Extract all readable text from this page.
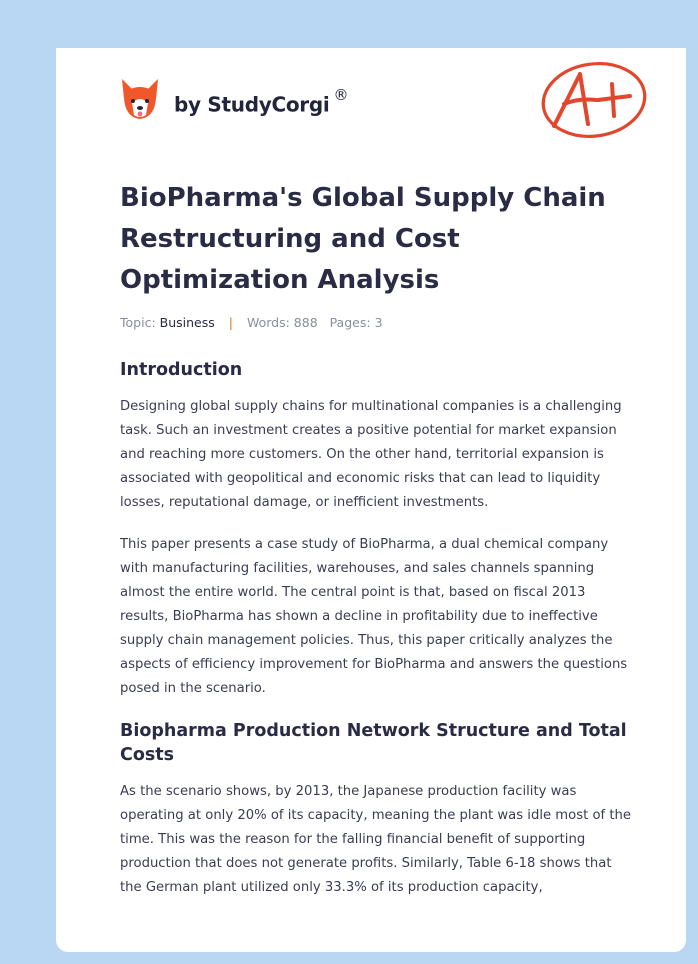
by StudyCorgi ®
BioPharma's Global Supply Chain Restructuring and Cost Optimization Analysis
Topic: Business | Words: 888 Pages: 3
Introduction

Designing global supply chains for multinational companies is a challenging task. Such an investment creates a positive potential for market expansion and reaching more customers. On the other hand, territorial expansion is associated with geopolitical and economic risks that can lead to liquidity losses, reputational damage, or inefficient investments.

This paper presents a case study of BioPharma, a dual chemical company with manufacturing facilities, warehouses, and sales channels spanning almost the entire world. The central point is that, based on fiscal 2013 results, BioPharma has shown a decline in profitability due to ineffective supply chain management policies. Thus, this paper critically analyzes the aspects of efficiency improvement for BioPharma and answers the questions posed in the scenario.

Biopharma Production Network Structure and Total Costs

As the scenario shows, by 2013, the Japanese production facility was operating at only 20% of its capacity, meaning the plant was idle most of the time. This was the reason for the falling financial benefit of supporting production that does not generate profits. Similarly, Table 6-18 shows that the German plant utilized only 33.3% of its production capacity,
